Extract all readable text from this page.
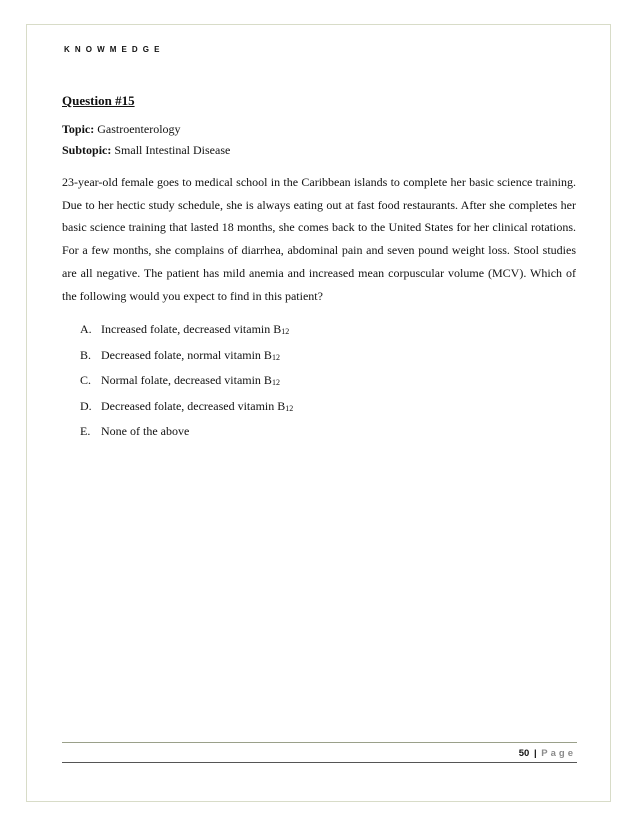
KNOWMEDGE
Question #15
Topic: Gastroenterology
Subtopic: Small Intestinal Disease
23-year-old female goes to medical school in the Caribbean islands to complete her basic science training. Due to her hectic study schedule, she is always eating out at fast food restaurants. After she completes her basic science training that lasted 18 months, she comes back to the United States for her clinical rotations. For a few months, she complains of diarrhea, abdominal pain and seven pound weight loss. Stool studies are all negative. The patient has mild anemia and increased mean corpuscular volume (MCV). Which of the following would you expect to find in this patient?
A. Increased folate, decreased vitamin $B_{12}$
B. Decreased folate, normal vitamin $B_{12}$
C. Normal folate, decreased vitamin $B_{12}$
D. Decreased folate, decreased vitamin $B_{12}$
E. None of the above
50 | Page
